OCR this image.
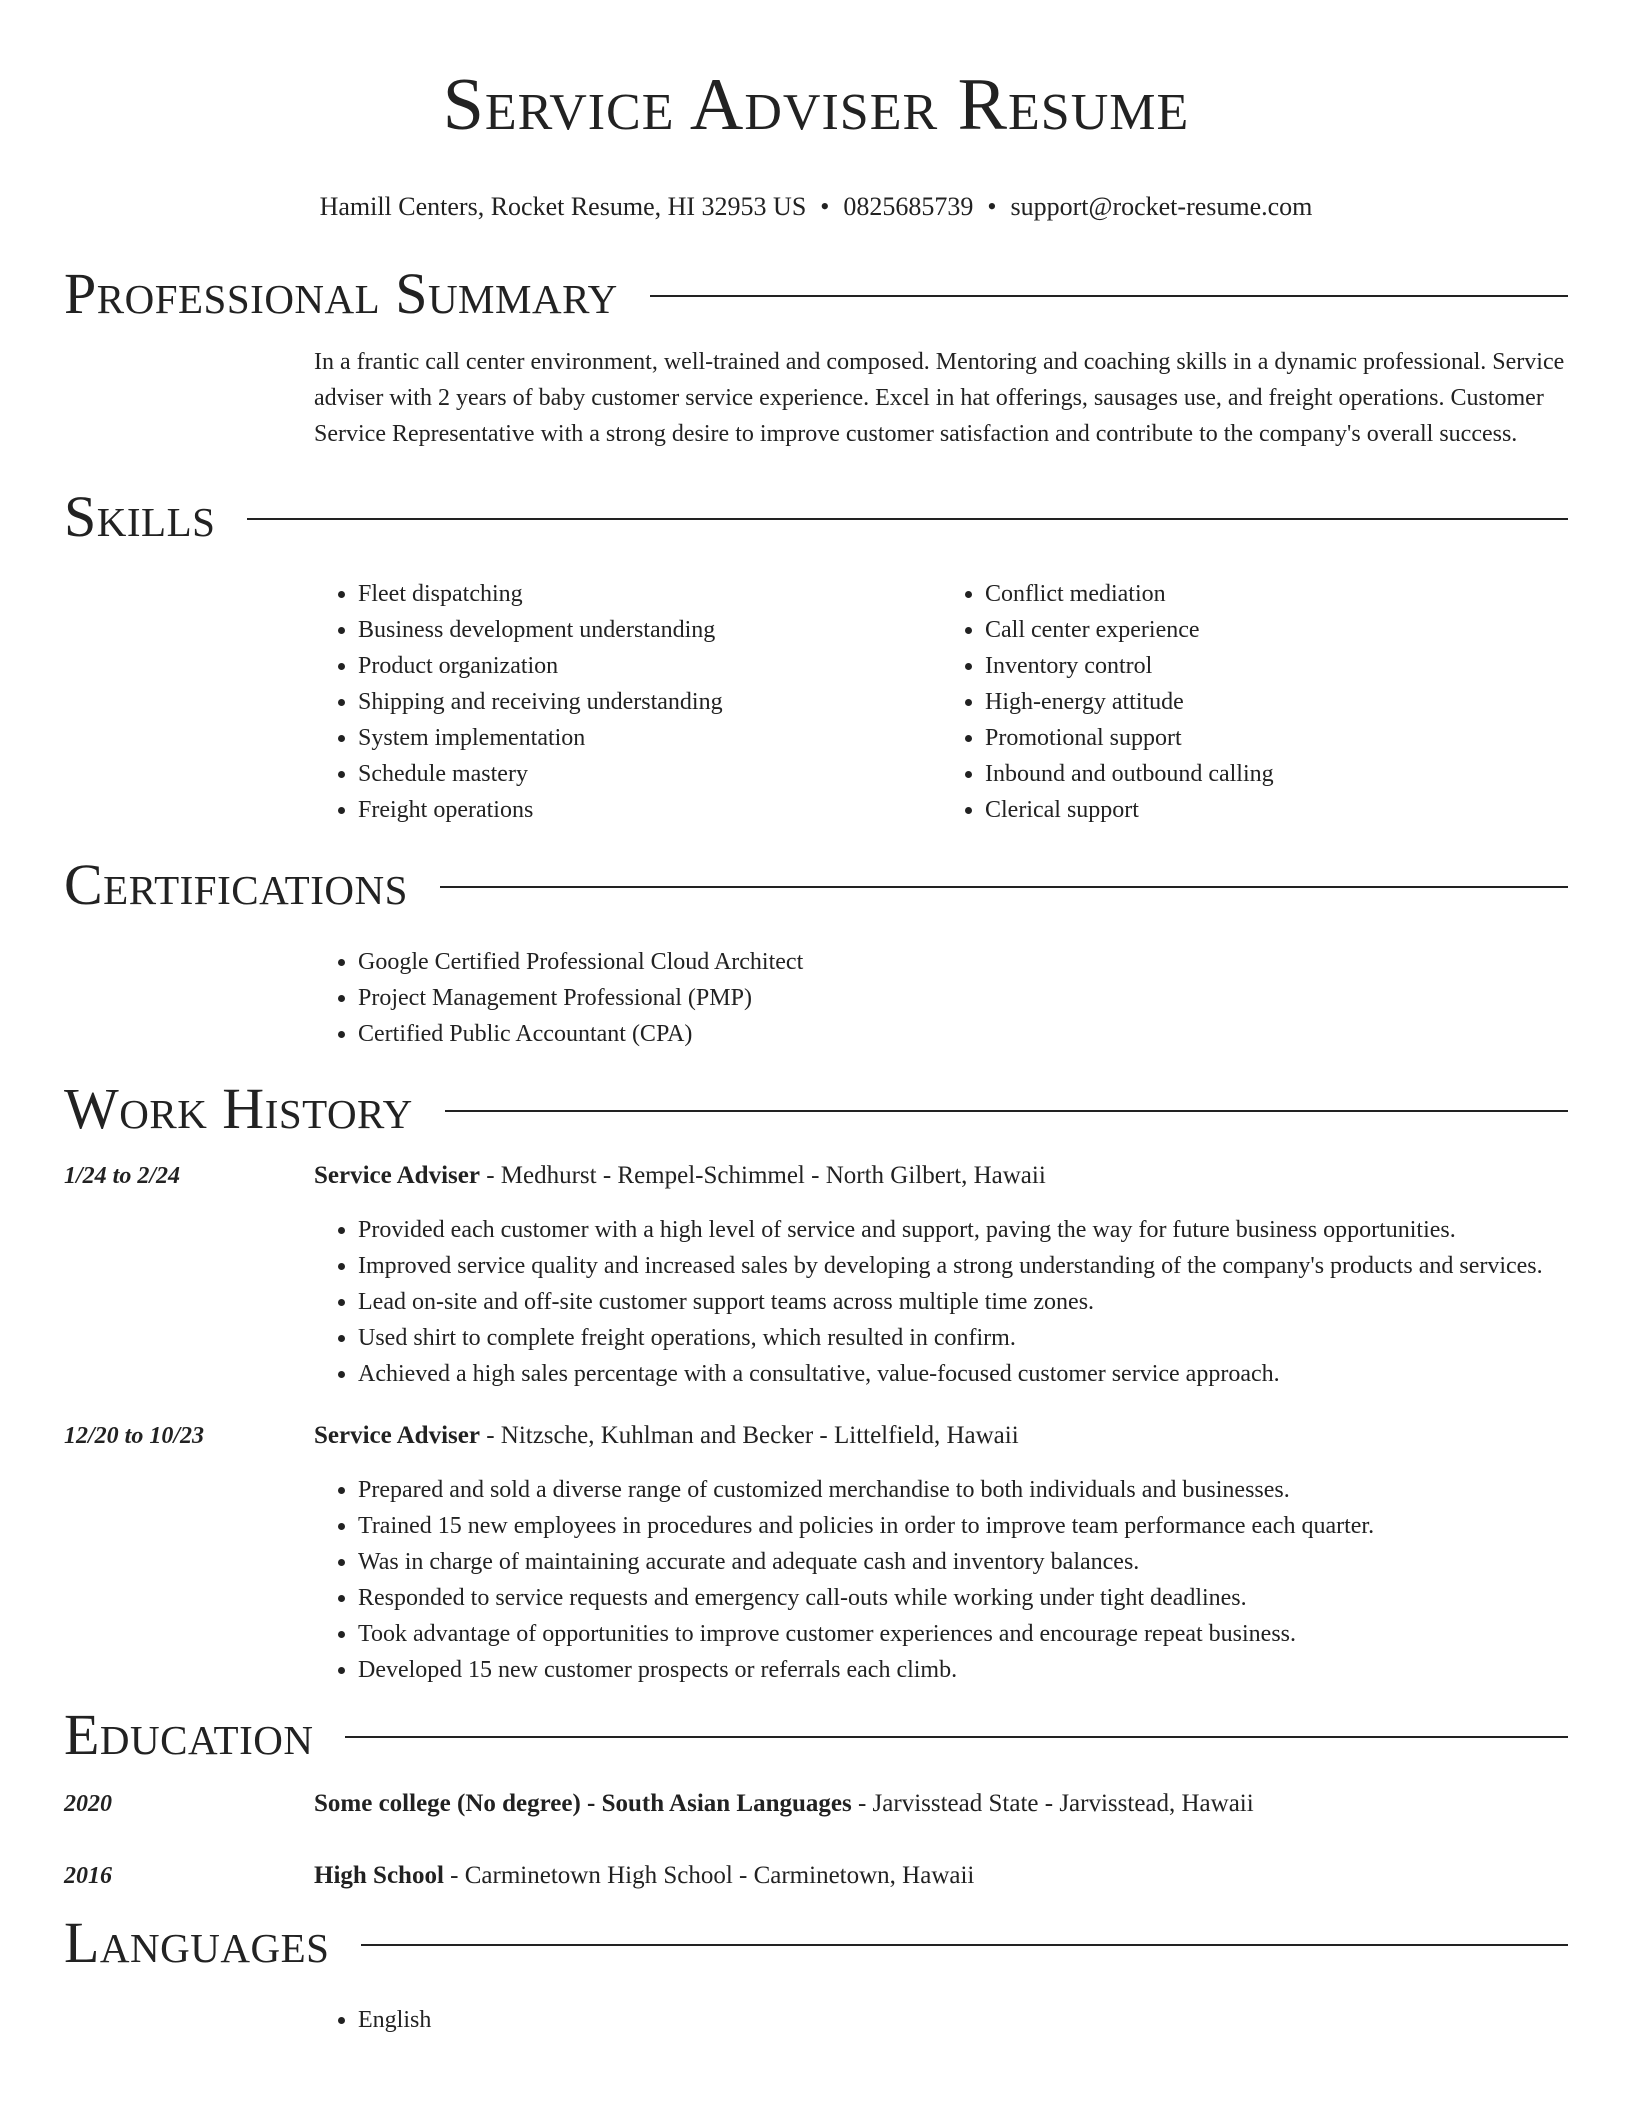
Service Adviser Resume
Hamill Centers, Rocket Resume, HI 32953 US • 0825685739 • support@rocket-resume.com
Professional Summary

In a frantic call center environment, well-trained and composed. Mentoring and coaching skills in a dynamic professional. Service adviser with 2 years of baby customer service experience. Excel in hat offerings, sausages use, and freight operations. Customer Service Representative with a strong desire to improve customer satisfaction and contribute to the company's overall success.

Skills
• Fleet dispatching
• Business development understanding
• Product organization
• Shipping and receiving understanding
• System implementation
• Schedule mastery
• Freight operations
• Conflict mediation
• Call center experience
• Inventory control
• High-energy attitude
• Promotional support
• Inbound and outbound calling
• Clerical support
Certifications
• Google Certified Professional Cloud Architect
• Project Management Professional (PMP)
• Certified Public Accountant (CPA)
Work History
1/24 to 2/24	Service Adviser - Medhurst - Rempel-Schimmel - North Gilbert, Hawaii
• Provided each customer with a high level of service and support, paving the way for future business opportunities.
• Improved service quality and increased sales by developing a strong understanding of the company's products and services.
• Lead on-site and off-site customer support teams across multiple time zones.
• Used shirt to complete freight operations, which resulted in confirm.
• Achieved a high sales percentage with a consultative, value-focused customer service approach.
12/20 to 10/23	Service Adviser - Nitzsche, Kuhlman and Becker - Littelfield, Hawaii
• Prepared and sold a diverse range of customized merchandise to both individuals and businesses.
• Trained 15 new employees in procedures and policies in order to improve team performance each quarter.
• Was in charge of maintaining accurate and adequate cash and inventory balances.
• Responded to service requests and emergency call-outs while working under tight deadlines.
• Took advantage of opportunities to improve customer experiences and encourage repeat business.
• Developed 15 new customer prospects or referrals each climb.
Education
2020	Some college (No degree) - South Asian Languages - Jarvisstead State - Jarvisstead, Hawaii
2016	High School - Carminetown High School - Carminetown, Hawaii
Languages
• English
